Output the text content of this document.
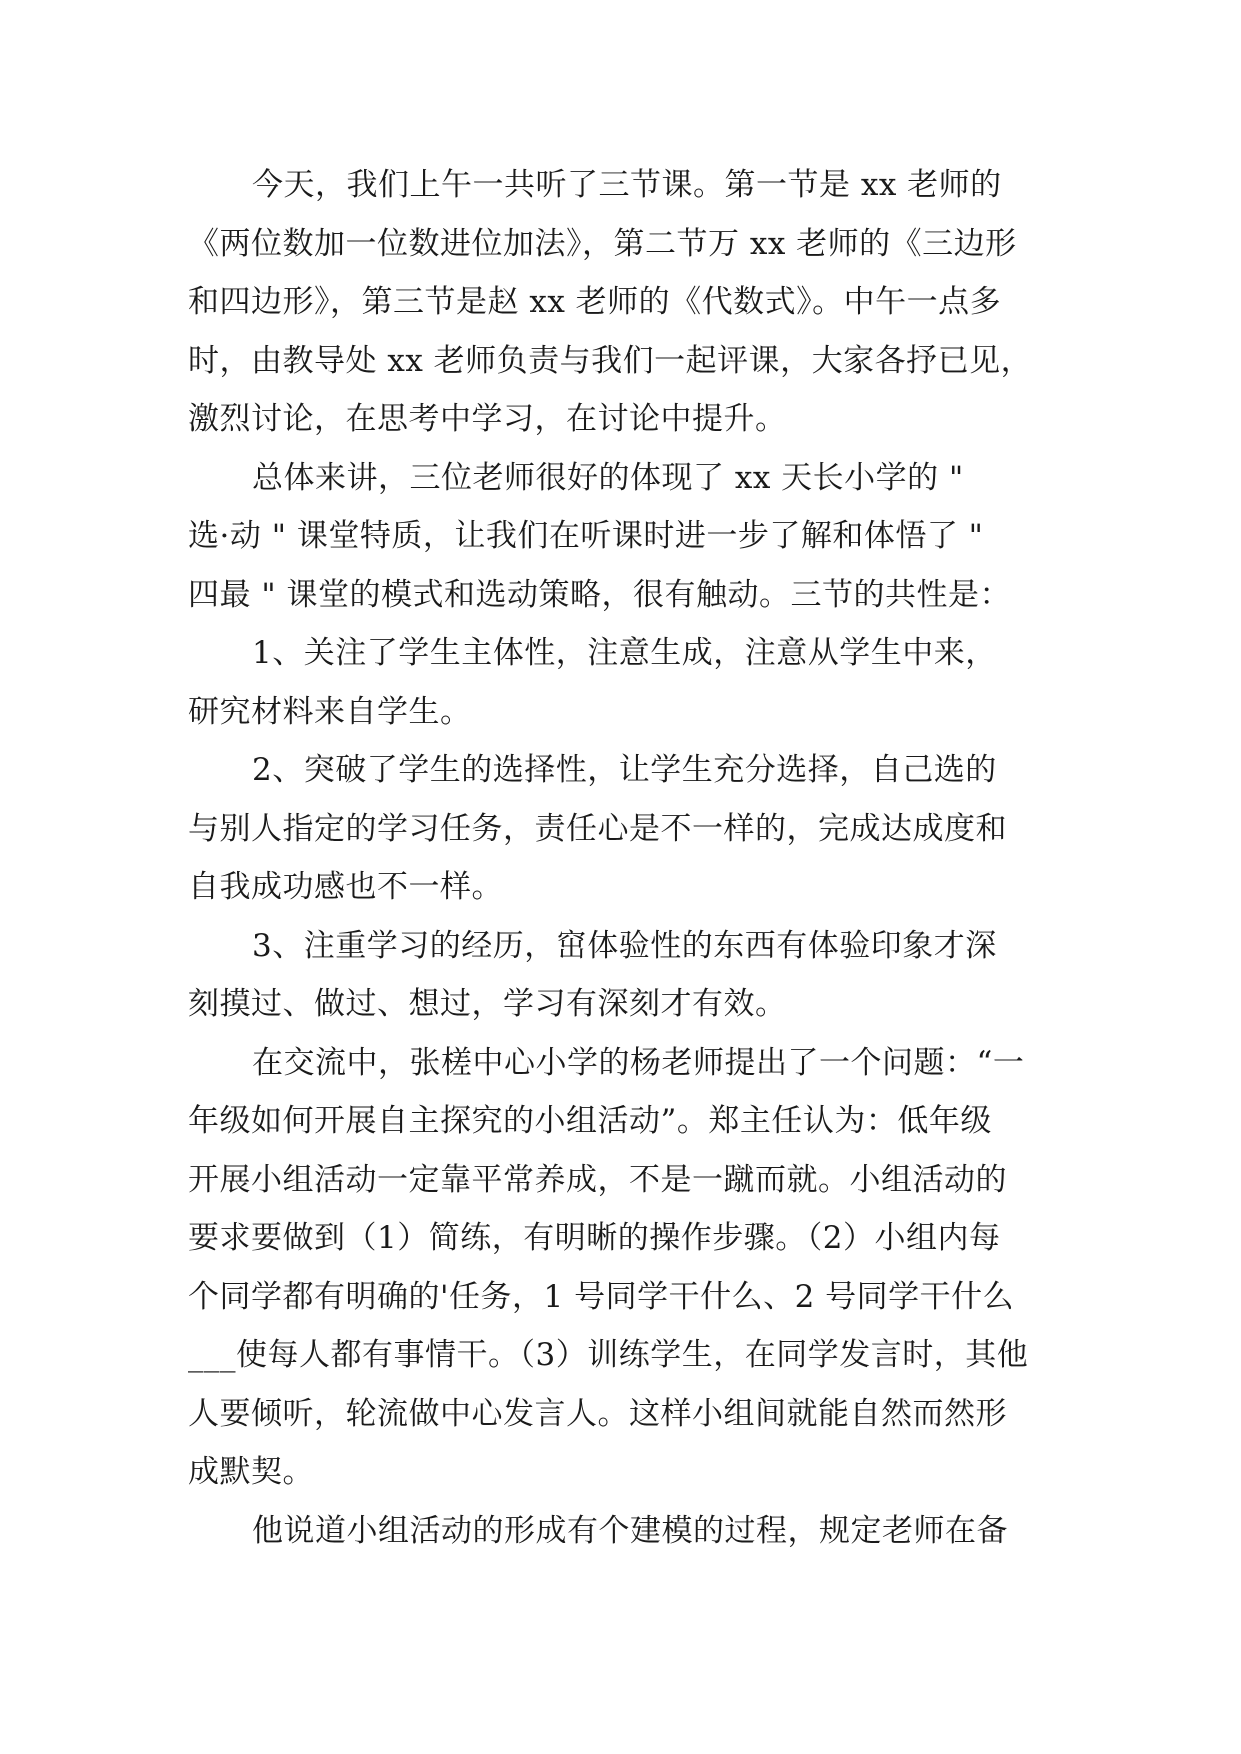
今天，我们上午一共听了三节课。第一节是 xx 老师的
《两位数加一位数进位加法》，第二节万 xx 老师的《三边形
和四边形》，第三节是赵 xx 老师的《代数式》。中午一点多
时，由教导处 xx 老师负责与我们一起评课，大家各抒已见，
激烈讨论，在思考中学习，在讨论中提升。
总体来讲，三位老师很好的体现了 xx 天长小学的 "
选·动 " 课堂特质，让我们在听课时进一步了解和体悟了 "
四最 " 课堂的模式和选动策略，很有触动。三节的共性是：
1、关注了学生主体性，注意生成，注意从学生中来，
研究材料来自学生。
2、突破了学生的选择性，让学生充分选择，自己选的
与别人指定的学习任务，责任心是不一样的，完成达成度和
自我成功感也不一样。
3、注重学习的经历，窋体验性的东西有体验印象才深
刻摸过、做过、想过，学习有深刻才有效。
在交流中，张槎中心小学的杨老师提出了一个问题：“一
年级如何开展自主探究的小组活动”。郑主任认为：低年级
开展小组活动一定靠平常养成，不是一蹴而就。小组活动的
要求要做到（1）简练，有明晰的操作步骤。（2）小组内每
个同学都有明确的'任务，1 号同学干什么、2 号同学干什么
___使每人都有事情干。（3）训练学生，在同学发言时，其他
人要倾听，轮流做中心发言人。这样小组间就能自然而然形
成默契。
他说道小组活动的形成有个建模的过程，规定老师在备
